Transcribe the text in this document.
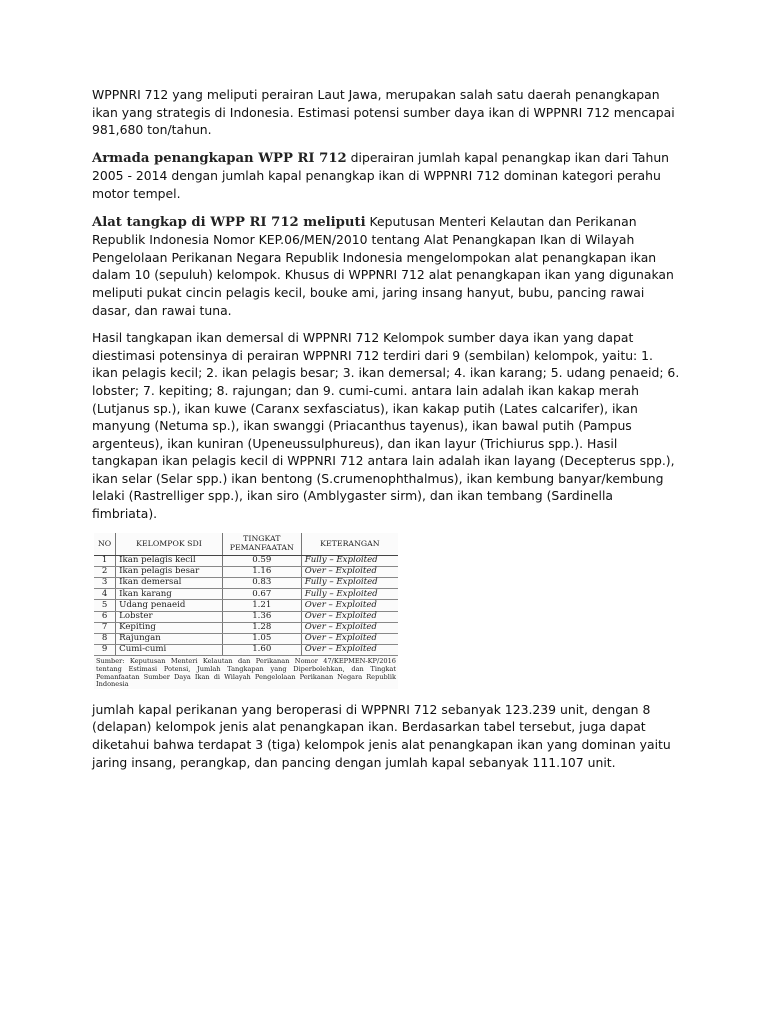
WPPNRI 712 yang meliputi perairan Laut Jawa, merupakan salah satu daerah penangkapan ikan yang strategis di Indonesia. Estimasi potensi sumber daya ikan di WPPNRI 712 mencapai 981,680 ton/tahun.

Armada penangkapan WPP RI 712 diperairan jumlah kapal penangkap ikan dari Tahun 2005 - 2014 dengan jumlah kapal penangkap ikan di WPPNRI 712 dominan kategori perahu motor tempel.

Alat tangkap di WPP RI 712 meliputi Keputusan Menteri Kelautan dan Perikanan Republik Indonesia Nomor KEP.06/MEN/2010 tentang Alat Penangkapan Ikan di Wilayah Pengelolaan Perikanan Negara Republik Indonesia mengelompokan alat penangkapan ikan dalam 10 (sepuluh) kelompok. Khusus di WPPNRI 712 alat penangkapan ikan yang digunakan meliputi pukat cincin pelagis kecil, bouke ami, jaring insang hanyut, bubu, pancing rawai dasar, dan rawai tuna.

Hasil tangkapan ikan demersal di WPPNRI 712 Kelompok sumber daya ikan yang dapat diestimasi potensinya di perairan WPPNRI 712 terdiri dari 9 (sembilan) kelompok, yaitu: 1. ikan pelagis kecil; 2. ikan pelagis besar; 3. ikan demersal; 4. ikan karang; 5. udang penaeid; 6. lobster; 7. kepiting; 8. rajungan; dan 9. cumi-cumi. antara lain adalah ikan kakap merah (Lutjanus sp.), ikan kuwe (Caranx sexfasciatus), ikan kakap putih (Lates calcarifer), ikan manyung (Netuma sp.), ikan swanggi (Priacanthus tayenus), ikan bawal putih (Pampus argenteus), ikan kuniran (Upeneussulphureus), dan ikan layur (Trichiurus spp.). Hasil tangkapan ikan pelagis kecil di WPPNRI 712 antara lain adalah ikan layang (Decepterus spp.), ikan selar (Selar spp.) ikan bentong (S.crumenophthalmus), ikan kembung banyar/kembung lelaki (Rastrelliger spp.), ikan siro (Amblygaster sirm), dan ikan tembang (Sardinella fimbriata).

NO	KELOMPOK SDI	TINGKAT PEMANFAATAN	KETERANGAN
1	Ikan pelagis kecil	0.59	Fully – Exploited
2	Ikan pelagis besar	1.16	Over – Exploited
3	Ikan demersal	0.83	Fully – Exploited
4	Ikan karang	0.67	Fully – Exploited
5	Udang penaeid	1.21	Over – Exploited
6	Lobster	1.36	Over – Exploited
7	Kepiting	1.28	Over – Exploited
8	Rajungan	1.05	Over – Exploited
9	Cumi-cumi	1.60	Over – Exploited
Sumber: Keputusan Menteri Kelautan dan Perikanan Nomor 47/KEPMEN-KP/2016 tentang Estimasi Potensi, Jumlah Tangkapan yang Diperbolehkan, dan Tingkat Pemanfaatan Sumber Daya Ikan di Wilayah Pengelolaan Perikanan Negara Republik Indonesia

jumlah kapal perikanan yang beroperasi di WPPNRI 712 sebanyak 123.239 unit, dengan 8 (delapan) kelompok jenis alat penangkapan ikan. Berdasarkan tabel tersebut, juga dapat diketahui bahwa terdapat 3 (tiga) kelompok jenis alat penangkapan ikan yang dominan yaitu jaring insang, perangkap, dan pancing dengan jumlah kapal sebanyak 111.107 unit.
